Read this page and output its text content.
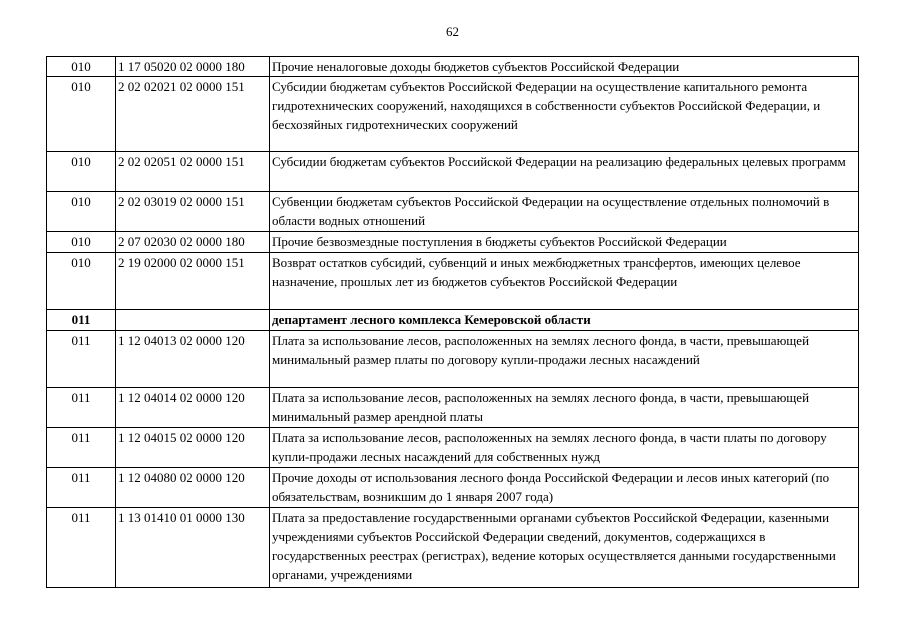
62
010	1 17 05020 02 0000 180	Прочие неналоговые доходы бюджетов субъектов Российской Федерации
010	2 02 02021 02 0000 151	Субсидии бюджетам субъектов Российской Федерации на осуществление капитального ремонта гидротехнических сооружений, находящихся в собственности субъектов Российской Федерации, и бесхозяйных гидротехнических сооружений
010	2 02 02051 02 0000 151	Субсидии бюджетам субъектов Российской Федерации на реализацию федеральных целевых программ
010	2 02 03019 02 0000 151	Субвенции бюджетам субъектов Российской Федерации на осуществление отдельных полномочий в области водных отношений
010	2 07 02030 02 0000 180	Прочие безвозмездные поступления в бюджеты субъектов Российской Федерации
010	2 19 02000 02 0000 151	Возврат остатков субсидий, субвенций и иных межбюджетных трансфертов, имеющих целевое назначение, прошлых лет из бюджетов субъектов Российской Федерации
011		департамент лесного комплекса Кемеровской области
011	1 12 04013 02 0000 120	Плата за использование лесов, расположенных на землях лесного фонда, в части, превышающей минимальный размер платы по договору купли-продажи лесных насаждений
011	1 12 04014 02 0000 120	Плата за использование лесов, расположенных на землях лесного фонда, в части, превышающей минимальный размер арендной платы
011	1 12 04015 02 0000 120	Плата за использование лесов, расположенных на землях лесного фонда, в части платы по договору купли-продажи лесных насаждений для собственных нужд
011	1 12 04080 02 0000 120	Прочие доходы от использования лесного фонда Российской Федерации и лесов иных категорий (по обязательствам, возникшим до 1 января 2007 года)
011	1 13 01410 01 0000 130	Плата за предоставление государственными органами субъектов Российской Федерации, казенными учреждениями субъектов Российской Федерации сведений, документов, содержащихся в государственных реестрах (регистрах), ведение которых осуществляется данными государственными органами, учреждениями
